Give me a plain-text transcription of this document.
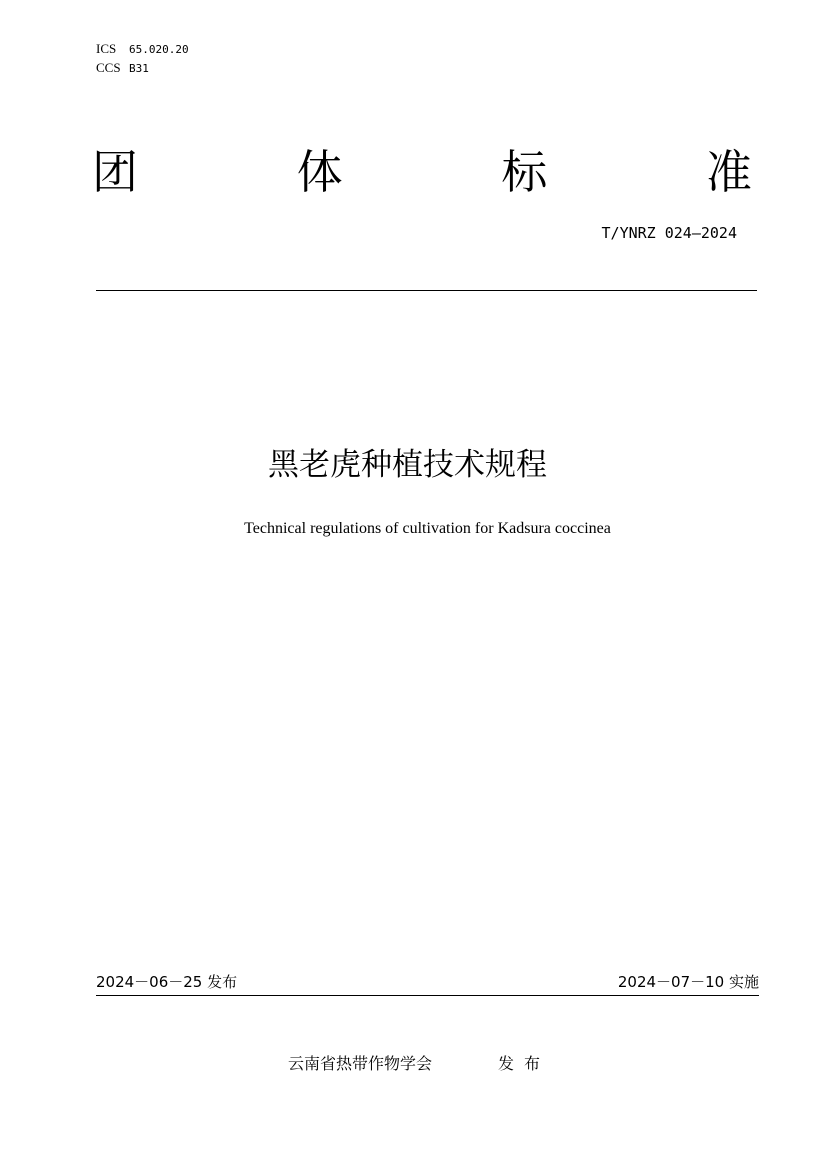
ICS 65.020.20
CCS B31
团	体	标	准
T/YNRZ 024—2024
黑老虎种植技术规程
Technical regulations of cultivation for Kadsura coccinea
2024－06－25 发布	2024－07－10 实施
云南省热带作物学会	发布
